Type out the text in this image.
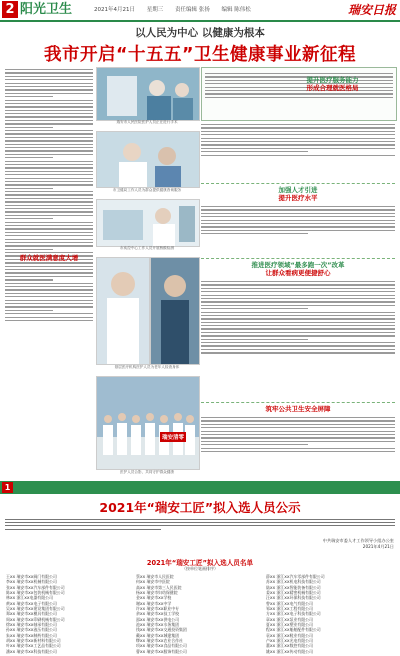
2 阳光卫生	2021年4月21日 星期三 责任编辑 张扬 编辑 陈伟松	瑞安日报
以人民为中心 以健康为根本
我市开启“十五五”卫生健康事业新征程
群众就医满意度大增
瑞安市人民医院医护人员正在进行手术
市卫健局工作人员为群众提供健康咨询服务
市疾控中心工作人员开展核酸检测
基层医疗机构医护人员为老年人检查身体
瑞安清零
医护人员合影，共同守护群众健康
提升医疗服务能力
形成合理就医格局
加强人才引进
提升医疗水平
推进医疗领域“最多跑一次”改革
让群众看病更便捷舒心
筑牢公共卫生安全屏障
1
2021年“瑞安工匠”拟入选人员公示
中共瑞安市委人才工作领导小组办公室
2021年4月21日
2021年“瑞安工匠”拟入选人员名单
（按单位笔画排序）
王XX 瑞安市XX阀门有限公司
李XX 瑞安市XX机械有限公司
张XX 瑞安市XX汽车部件有限公司
陈XX 瑞安市XX包装机械有限公司
林XX 浙江XX电器有限公司
黄XX 瑞安市XX电子有限公司
吴XX 瑞安市XX建设集团有限公司
郑XX 瑞安市XX模具有限公司
周XX 瑞安市XX印刷机械有限公司
徐XX 瑞安市XX轴承有限公司
孙XX 瑞安市XX液压有限公司
朱XX 瑞安市XX制药有限公司
胡XX 瑞安市XX新材料有限公司
叶XX 瑞安市XX工艺品有限公司
潘XX 瑞安市XX科技有限公司
蔡XX 瑞安市人民医院
何XX 瑞安市中医院
高XX 瑞安市第三人民医院
杨XX 瑞安市妇幼保健院
金XX 瑞安市XX学校
谢XX 瑞安市XX中学
许XX 瑞安市XX职业中专
余XX 瑞安市XX技工学校
邵XX 瑞安市XX供电公司
池XX 瑞安市XX水务集团
钱XX 瑞安市XX交通投资集团
戴XX 瑞安市XX城建集团
缪XX 瑞安市XX农业合作社
项XX 瑞安市XX食品有限公司
曹XX 瑞安市XX服饰有限公司
薛XX 浙江XX汽车零部件有限公司
苏XX 浙江XX机电科技有限公司
陆XX 浙江XX智能装备有限公司
姜XX 浙江XX精密机械有限公司
汪XX 浙江XX环保科技有限公司
曾XX 浙江XX电气有限公司
邹XX 浙江XX工程有限公司
方XX 浙江XX电子科技有限公司
章XX 浙江XX泵业有限公司
夏XX 浙江XX塑业有限公司
程XX 浙江XX船舶配件有限公司
袁XX 浙江XX鞋业有限公司
卢XX 浙江XX光电有限公司
董XX 浙江XX数控有限公司
姚XX 浙江XX传动有限公司
